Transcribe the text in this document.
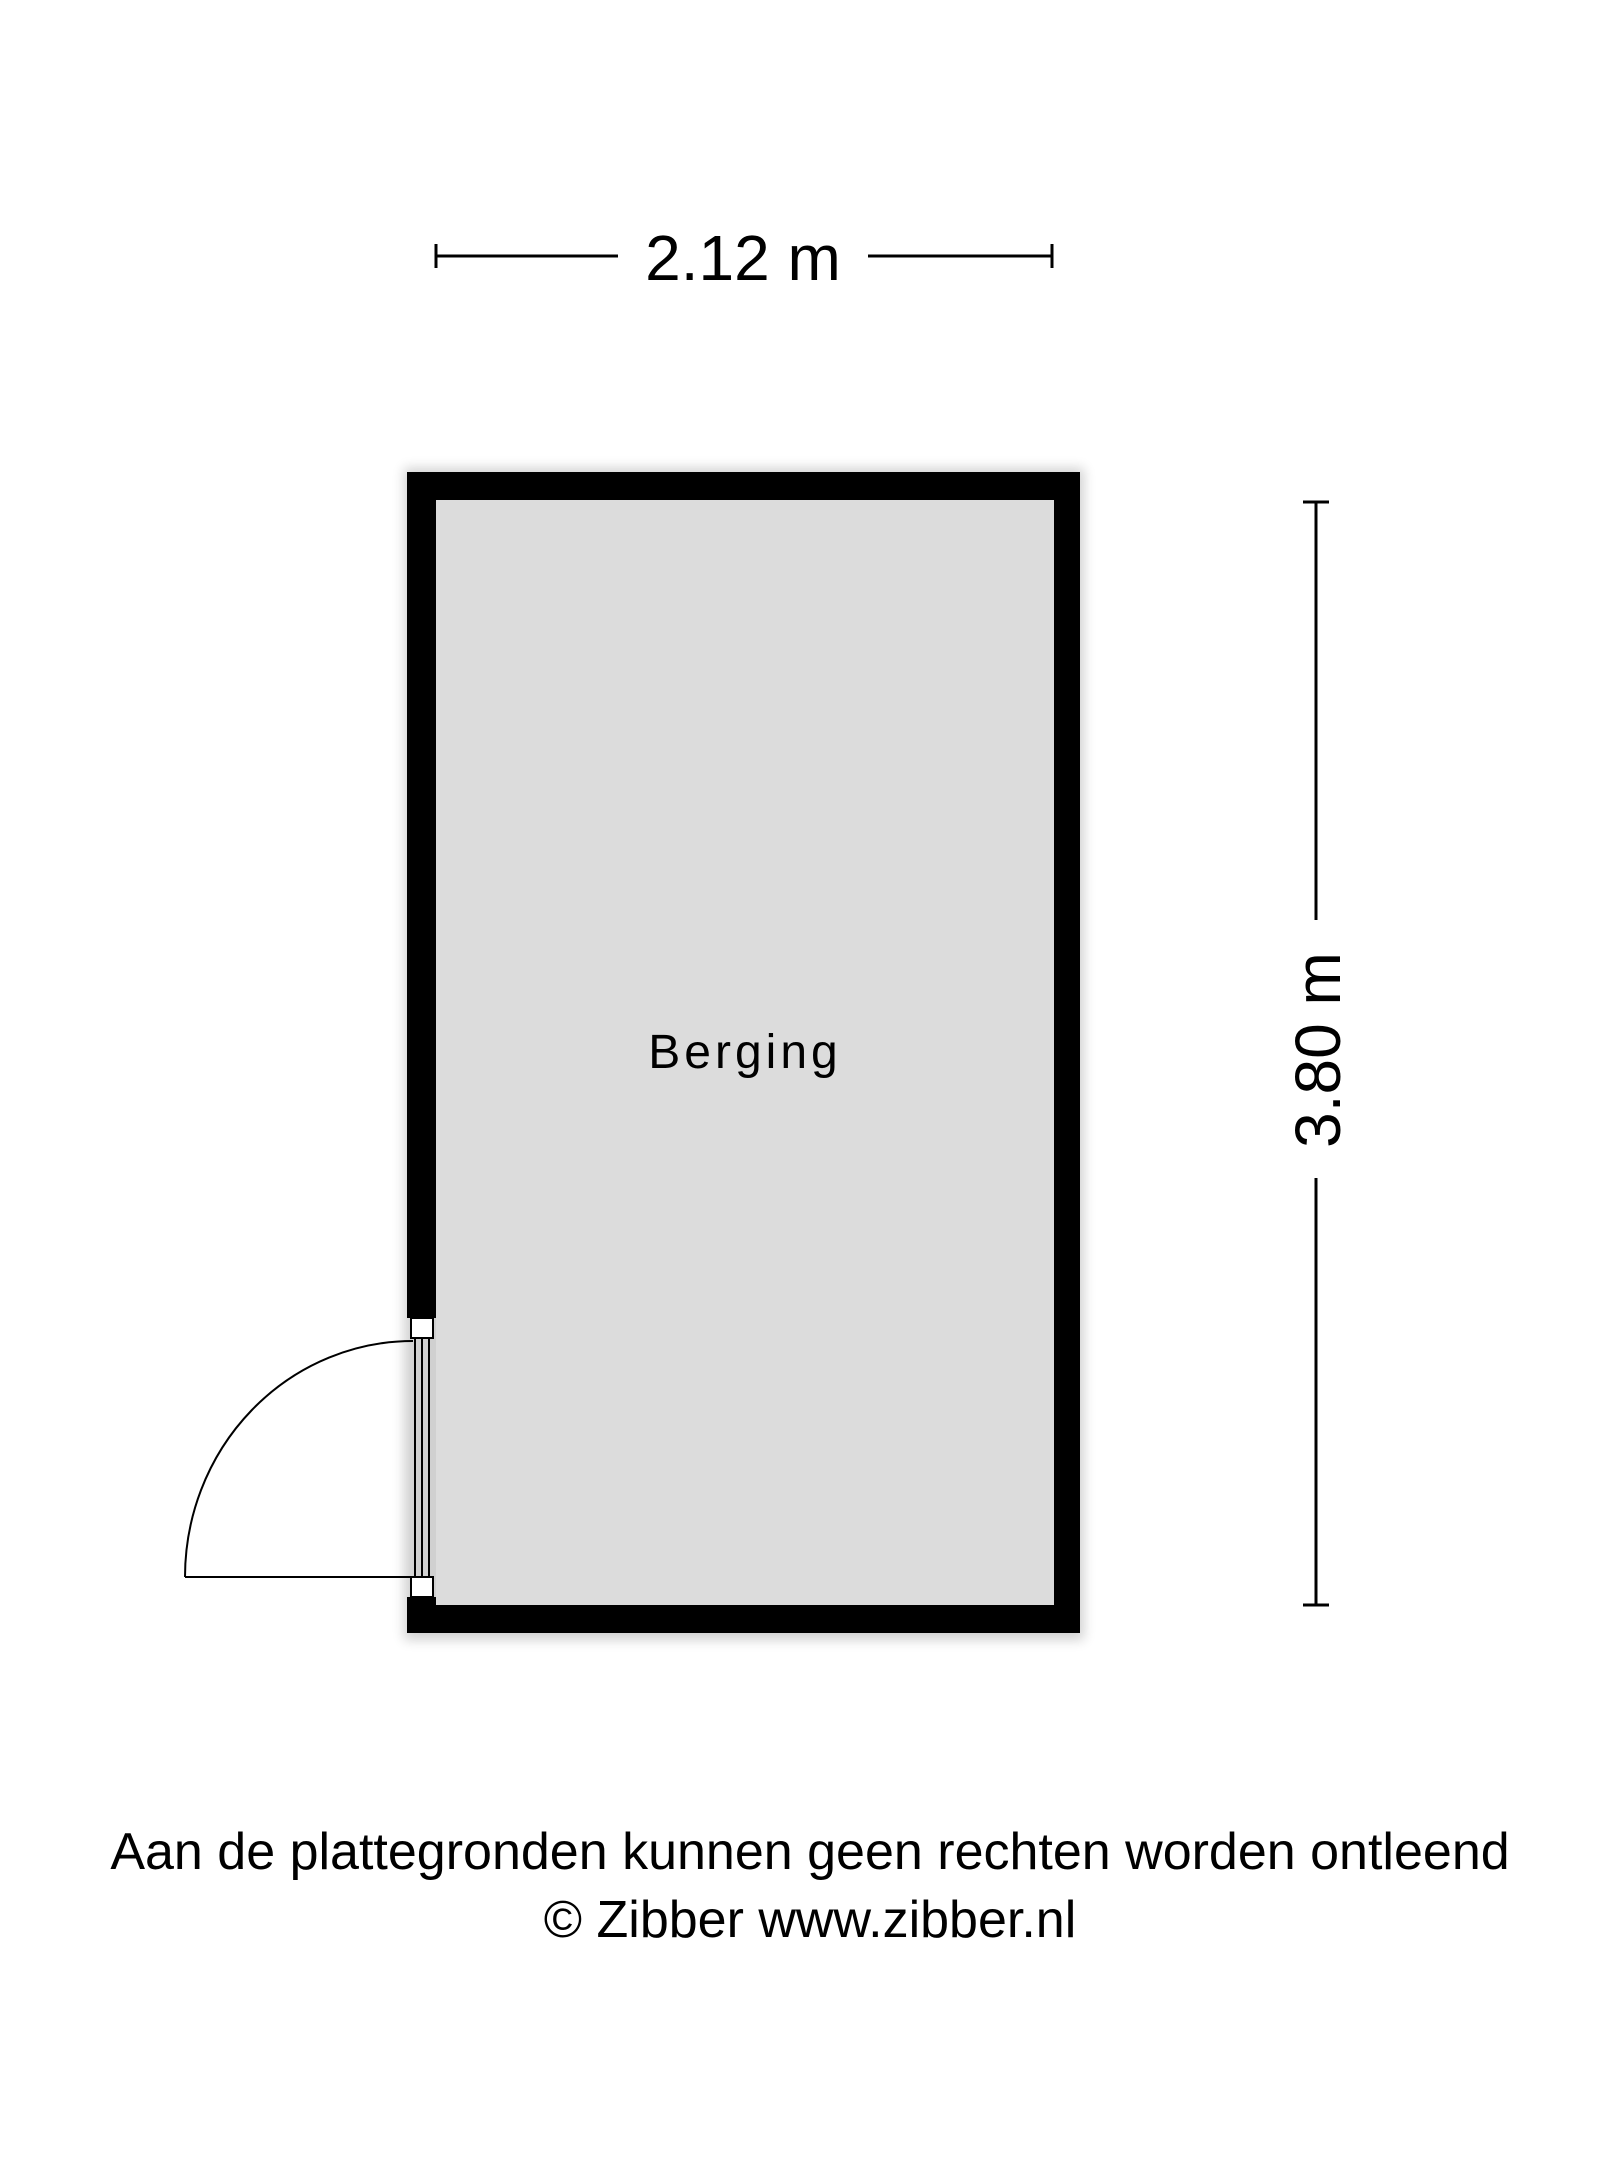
2.12 m
3.80 m
Berging
Aan de plattegronden kunnen geen rechten worden ontleend
© Zibber www.zibber.nl
